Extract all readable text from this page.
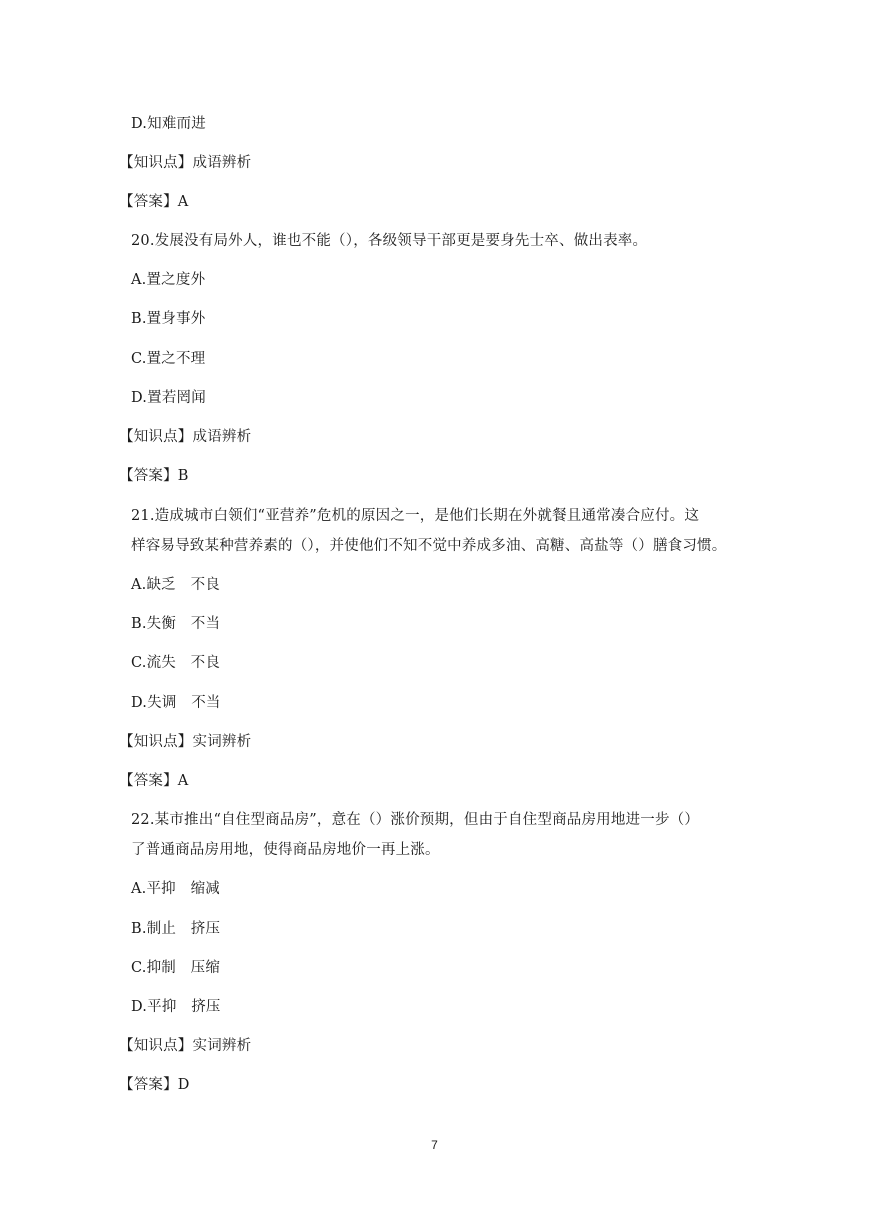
D.知难而进
【知识点】成语辨析
【答案】A
20.发展没有局外人，谁也不能（），各级领导干部更是要身先士卒、做出表率。
A.置之度外
B.置身事外
C.置之不理
D.置若罔闻
【知识点】成语辨析
【答案】B
21.造成城市白领们“亚营养”危机的原因之一，是他们长期在外就餐且通常凑合应付。这
样容易导致某种营养素的（），并使他们不知不觉中养成多油、高糖、高盐等（）膳食习惯。
A.缺乏　不良
B.失衡　不当
C.流失　不良
D.失调　不当
【知识点】实词辨析
【答案】A
22.某市推出“自住型商品房”，意在（）涨价预期，但由于自住型商品房用地进一步（）
了普通商品房用地，使得商品房地价一再上涨。
A.平抑　缩减
B.制止　挤压
C.抑制　压缩
D.平抑　挤压
【知识点】实词辨析
【答案】D
7
